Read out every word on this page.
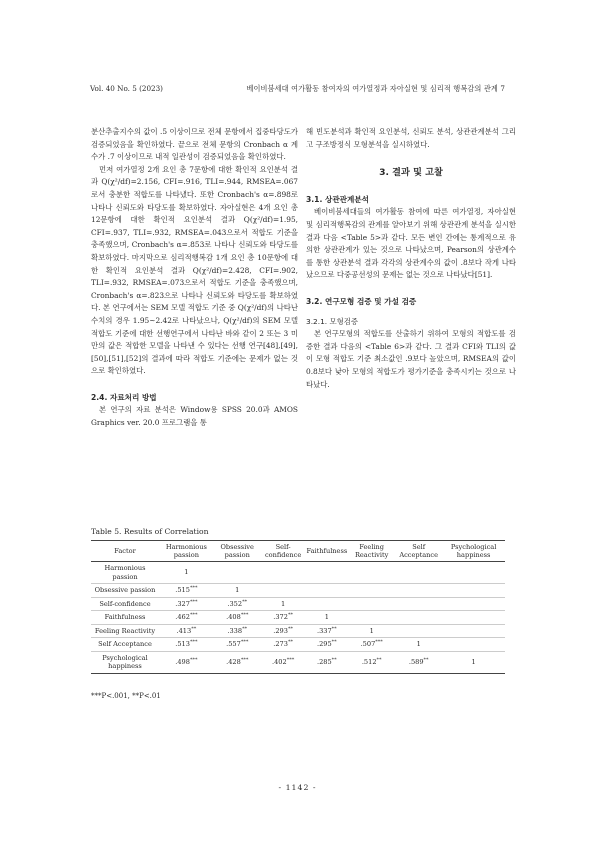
Vol. 40 No. 5 (2023)	베이비붐세대 여가활동 참여자의 여가열정과 자아실현 및 심리적 행복감의 관계 7

분산추출지수의 값이 .5 이상이므로 전체 문항에서 집중타당도가 검증되었음을 확인하였다. 끝으로 전체 문항의 Cronbach α 계수가 .7 이상이므로 내적 일관성이 검증되었음을 확인하였다.

먼저 여가열정 2개 요인 총 7문항에 대한 확인적 요인분석 결과 Q(χ²/df)=2.156, CFI=.916, TLI=.944, RMSEA=.067로서 충분한 적합도를 나타냈다. 또한 Cronbach's α=.898로 나타나 신뢰도와 타당도를 확보하였다. 자아실현은 4개 요인 총 12문항에 대한 확인적 요인분석 결과 Q(χ²/df)=1.95, CFI=.937, TLI=.932, RMSEA=.043으로서 적합도 기준을 충족했으며, Cronbach's α=.853로 나타나 신뢰도와 타당도를 확보하였다. 마지막으로 심리적행복감 1개 요인 총 10문항에 대한 확인적 요인분석 결과 Q(χ²/df)=2.428, CFI=.902, TLI=.932, RMSEA=.073으로서 적합도 기준을 충족했으며, Cronbach's α=.823으로 나타나 신뢰도와 타당도를 확보하였다. 본 연구에서는 SEM 모델 적합도 기준 중 Q(χ²/df)의 나타난 수치의 경우 1.95~2.42로 나타났으나, Q(χ²/df)의 SEM 모델 적합도 기준에 대한 선행연구에서 나타난 바와 같이 2 또는 3 미만의 값은 적합한 모델을 나타낸 수 있다는 선행 연구[48],[49],[50],[51],[52]의 결과에 따라 적합도 기준에는 문제가 없는 것으로 확인하였다.

2.4. 자료처리 방법

본 연구의 자료 분석은 Window용 SPSS 20.0과 AMOS Graphics ver. 20.0 프로그램을 통

해 빈도분석과 확인적 요인분석, 신뢰도 분석, 상관관계분석 그리고 구조방정식 모형분석을 실시하였다.

3. 결과 및 고찰

3.1. 상관관계분석

베이비붐세대들의 여가활동 참여에 따른 여가열정, 자아실현 및 심리적행복감의 관계를 알아보기 위해 상관관계 분석을 실시한 결과 다음 <Table 5>과 같다. 모든 변인 간에는 통계적으로 유의한 상관관계가 있는 것으로 나타났으며, Pearson의 상관계수를 통한 상관분석 결과 각각의 상관계수의 값이 .8보다 작게 나타 났으므로 다중공선성의 문제는 없는 것으로 나타났다[51].

3.2. 연구모형 검증 및 가설 검증

3.2.1. 모형검증

본 연구모형의 적합도를 산출하기 위하여 모형의 적합도를 검증한 결과 다음의 <Table 6>과 같다. 그 결과 CFI와 TLI의 값이 모형 적합도 기준 최소값인 .9보다 높았으며, RMSEA의 값이 0.8보다 낮아 모형의 적합도가 평가기준을 충족시키는 것으로 나타났다.

Table 5. Results of Correlation
Factor	Harmonious passion	Obsessive passion	Self-confidence	Faithfulness	Feeling Reactivity	Self Acceptance	Psychological happiness
Harmonious passion	1						
Obsessive passion	.515***	1					
Self-confidence	.327***	.352**	1				
Faithfulness	.462***	.408***	.372**	1			
Feeling Reactivity	.413**	.338**	.293**	.337**	1		
Self Acceptance	.513***	.557***	.273**	.295**	.507***	1	
Psychological happiness	.498***	.428***	.402***	.285**	.512**	.589**	1
***P<.001, **P<.01
- 1142 -
